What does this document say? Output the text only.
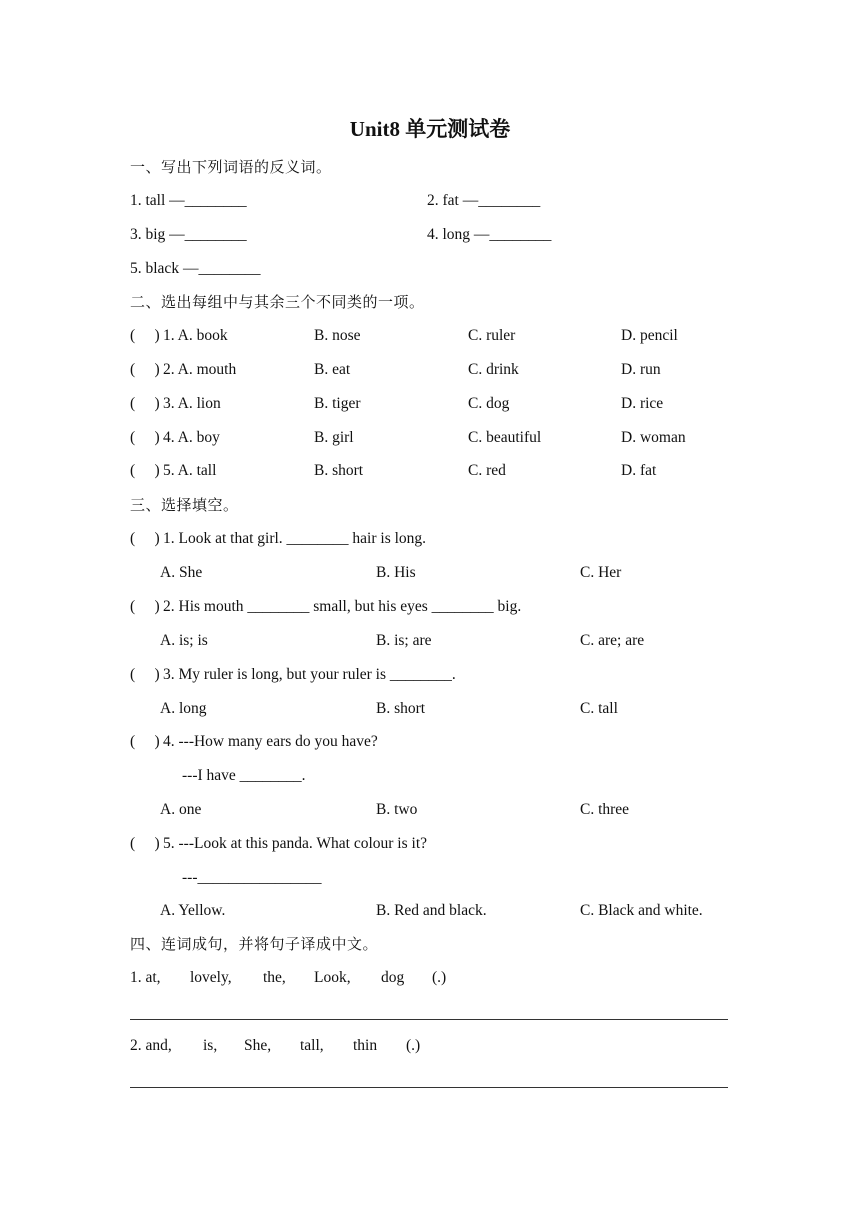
Unit8 单元测试卷
一、写出下列词语的反义词。
1. tall —________	2. fat —________
3. big —________	4. long —________
5. black —________
二、选出每组中与其余三个不同类的一项。
(     ) 1. A. book	B. nose	C. ruler	D. pencil
(     ) 2. A. mouth	B. eat	C. drink	D. run
(     ) 3. A. lion	B. tiger	C. dog	D. rice
(     ) 4. A. boy	B. girl	C. beautiful	D. woman
(     ) 5. A. tall	B. short	C. red	D. fat
三、选择填空。
(     ) 1. Look at that girl. ________ hair is long.
A. She	B. His	C. Her
(     ) 2. His mouth ________ small, but his eyes ________ big.
A. is; is	B. is; are	C. are; are
(     ) 3. My ruler is long, but your ruler is ________.
A. long	B. short	C. tall
(     ) 4. ---How many ears do you have?
---I have ________.
A. one	B. two	C. three
(     ) 5. ---Look at this panda. What colour is it?
---________________
A. Yellow.	B. Red and black.	C. Black and white.
四、连词成句，并将句子译成中文。
1. at, lovely, the, Look, dog (.)
2. and, is, She, tall, thin (.)
